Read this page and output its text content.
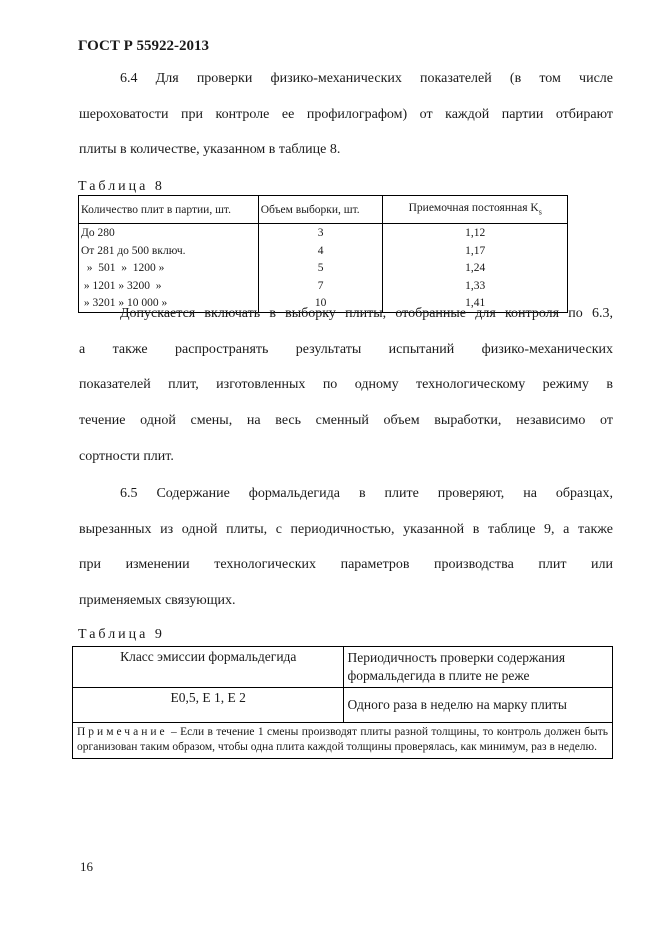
ГОСТ Р 55922-2013
6.4 Для проверки физико-механических показателей (в том числе
шероховатости при контроле ее профилографом) от каждой партии отбирают
плиты в количестве, указанном в таблице 8.
Таблица 8
Количество плит в партии, шт.	Объем выборки, шт.	Приемочная постоянная $K_s$
До 280	3	1,12
От 281 до 500 включ.	4	1,17
»  501  »  1200 »	5	1,24
» 1201 » 3200  »	7	1,33
» 3201 » 10 000 »	10	1,41
Допускается включать в выборку плиты, отобранные для контроля по 6.3,
а также распространять результаты испытаний физико-механических
показателей плит, изготовленных по одному технологическому режиму в
течение одной смены, на весь сменный объем выработки, независимо от
сортности плит.
6.5 Содержание формальдегида в плите проверяют, на образцах,
вырезанных из одной плиты, с периодичностью, указанной в таблице 9, а также
при изменении технологических параметров производства плит или
применяемых связующих.
Таблица 9
Класс эмиссии формальдегида	Периодичность проверки содержания формальдегида в плите не реже
Е0,5, Е 1, Е 2	Одного раза в неделю на марку плиты
Примечание – Если в течение 1 смены производят плиты разной толщины, то контроль должен быть организован таким образом, чтобы одна плита каждой толщины проверялась, как минимум, раз в неделю.	
16
